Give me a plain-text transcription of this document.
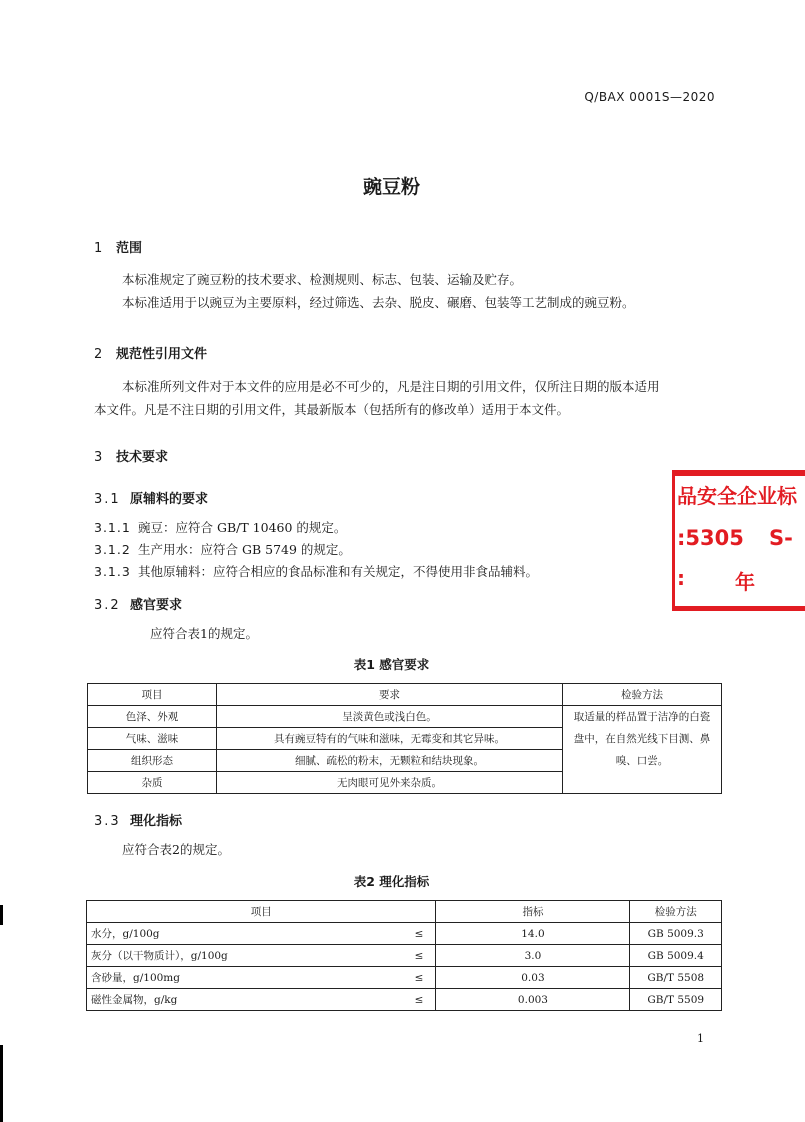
Q/BAX 0001S—2020
豌豆粉
1 范围
本标准规定了豌豆粉的技术要求、检测规则、标志、包装、运输及贮存。
本标准适用于以豌豆为主要原料，经过筛选、去杂、脱皮、碾磨、包装等工艺制成的豌豆粉。
2 规范性引用文件
本标准所列文件对于本文件的应用是必不可少的，凡是注日期的引用文件，仅所注日期的版本适用
本文件。凡是不注日期的引用文件，其最新版本（包括所有的修改单）适用于本文件。
3 技术要求
3.1 原辅料的要求
3.1.1 豌豆：应符合 GB/T 10460 的规定。
3.1.2 生产用水：应符合 GB 5749 的规定。
3.1.3 其他原辅料：应符合相应的食品标准和有关规定，不得使用非食品辅料。
3.2 感官要求
应符合表1的规定。
表1 感官要求
项目	要求	检验方法
色泽、外观	呈淡黄色或浅白色。	取适量的样品置于洁净的白瓷盘中，在自然光线下目测、鼻嗅、口尝。
气味、滋味	具有豌豆特有的气味和滋味，无霉变和其它异味。	
组织形态	细腻、疏松的粉末，无颗粒和结块现象。	
杂质	无肉眼可见外来杂质。	
3.3 理化指标
应符合表2的规定。
表2 理化指标
项目		指标	检验方法
水分，g/100g	≤	14.0	GB 5009.3
灰分（以干物质计），g/100g	≤	3.0	GB 5009.4
含砂量，g/100mg	≤	0.03	GB/T 5508
磁性金属物，g/kg	≤	0.003	GB/T 5509
品安全企业标
:5305 S-
:	年
1
